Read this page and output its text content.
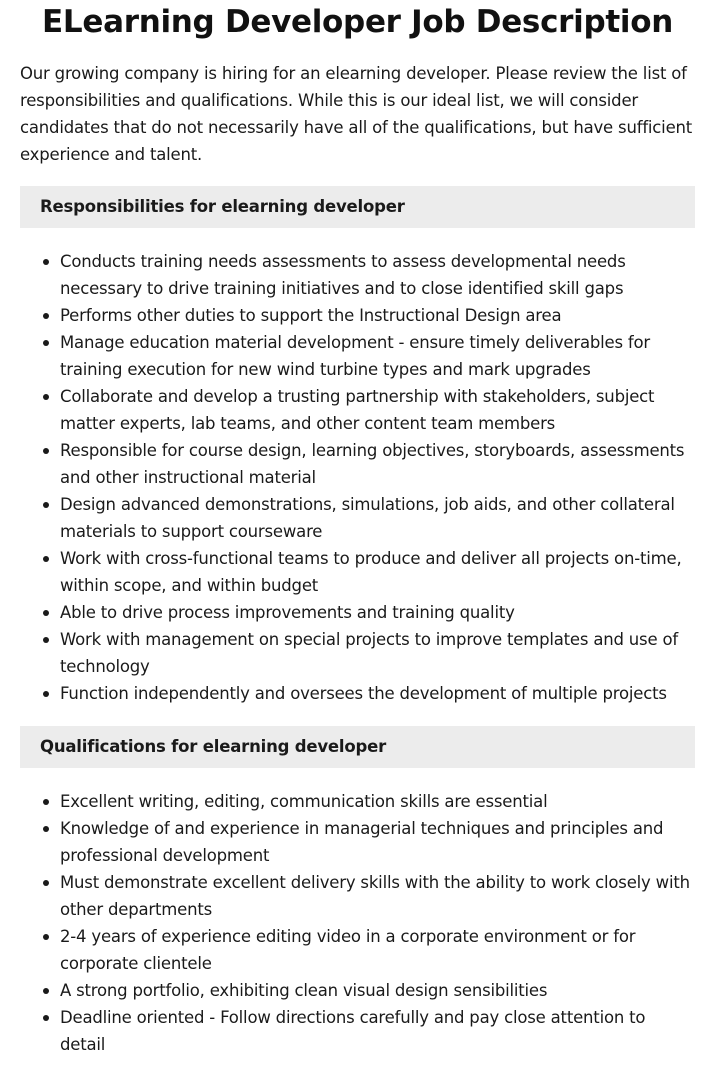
ELearning Developer Job Description

Our growing company is hiring for an elearning developer. Please review the list of responsibilities and qualifications. While this is our ideal list, we will consider candidates that do not necessarily have all of the qualifications, but have sufficient experience and talent.

Responsibilities for elearning developer
Conducts training needs assessments to assess developmental needs necessary to drive training initiatives and to close identified skill gaps
Performs other duties to support the Instructional Design area
Manage education material development - ensure timely deliverables for training execution for new wind turbine types and mark upgrades
Collaborate and develop a trusting partnership with stakeholders, subject matter experts, lab teams, and other content team members
Responsible for course design, learning objectives, storyboards, assessments and other instructional material
Design advanced demonstrations, simulations, job aids, and other collateral materials to support courseware
Work with cross-functional teams to produce and deliver all projects on-time, within scope, and within budget
Able to drive process improvements and training quality
Work with management on special projects to improve templates and use of technology
Function independently and oversees the development of multiple projects
Qualifications for elearning developer
Excellent writing, editing, communication skills are essential
Knowledge of and experience in managerial techniques and principles and professional development
Must demonstrate excellent delivery skills with the ability to work closely with other departments
2-4 years of experience editing video in a corporate environment or for corporate clientele
A strong portfolio, exhibiting clean visual design sensibilities
Deadline oriented - Follow directions carefully and pay close attention to detail
